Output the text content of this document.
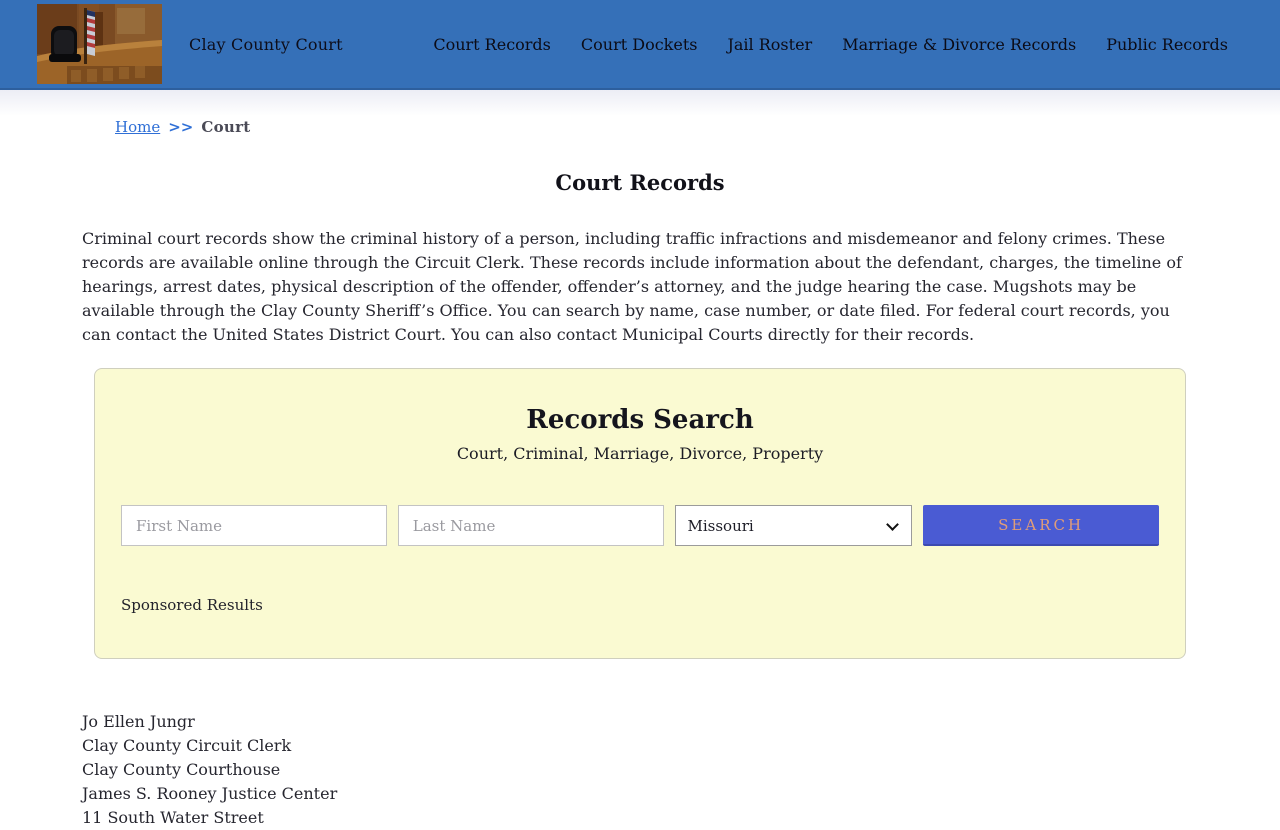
Clay County Court	Court Records Court Dockets Jail Roster Marriage & Divorce Records Public Records
Home >> Court
Court Records

Criminal court records show the criminal history of a person, including traffic infractions and misdemeanor and felony crimes. These records are available online through the Circuit Clerk. These records include information about the defendant, charges, the timeline of hearings, arrest dates, physical description of the offender, offender’s attorney, and the judge hearing the case. Mugshots may be available through the Clay County Sheriff’s Office. You can search by name, case number, or date filed. For federal court records, you can contact the United States District Court. You can also contact Municipal Courts directly for their records.

Records Search
Court, Criminal, Marriage, Divorce, Property
First Name
Last Name
Missouri
SEARCH
Sponsored Results
Jo Ellen Jungr
Clay County Circuit Clerk
Clay County Courthouse
James S. Rooney Justice Center
11 South Water Street
